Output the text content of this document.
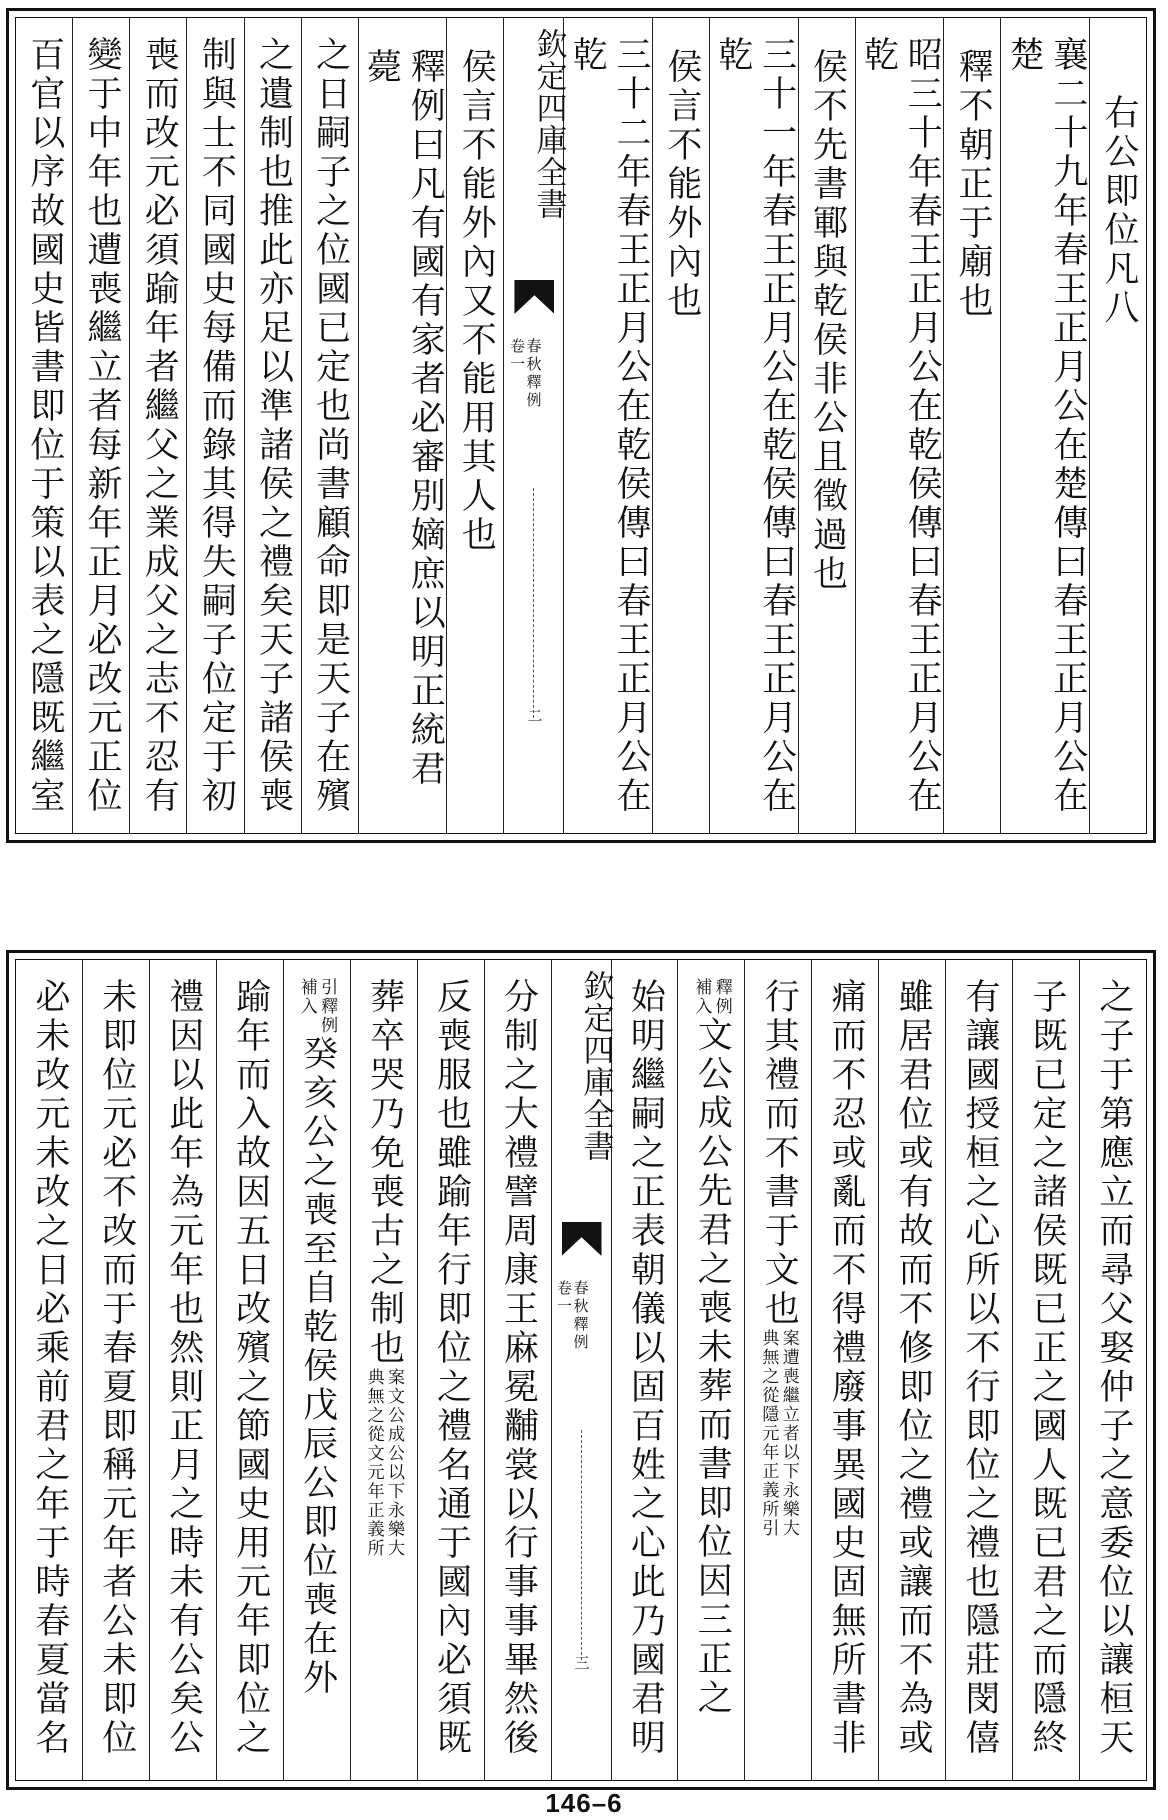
右公即位凡八
襄二十九年春王正月公在楚傳曰春王正月公在楚
釋不朝正于廟也
昭三十年春王正月公在乾侯傳曰春王正月公在乾
侯不先書鄆與乾侯非公且徵過也
三十一年春王正月公在乾侯傳曰春王正月公在乾
侯言不能外內也
三十二年春王正月公在乾侯傳曰春王正月公在乾
欽定四庫全書
春秋釋例
卷一
二
侯言不能外內又不能用其人也
釋例曰凡有國有家者必審別嫡庶以明正統君薨
之日嗣子之位國已定也尚書顧命即是天子在殯
之遺制也推此亦足以準諸侯之禮矣天子諸侯喪
制與士不同國史每備而錄其得失嗣子位定于初
喪而改元必須踰年者繼父之業成父之志不忍有
變于中年也遭喪繼立者每新年正月必改元正位
百官以序故國史皆書即位于策以表之隱既繼室
之子于第應立而尋父娶仲子之意委位以讓桓天
子既已定之諸侯既已正之國人既已君之而隱終
有讓國授桓之心所以不行即位之禮也隱莊閔僖
雖居君位或有故而不修即位之禮或讓而不為或
痛而不忍或亂而不得禮廢事異國史固無所書非
行其禮而不書于文也
案遭喪繼立者以下永樂大
典無之從隱元年正義所引
釋例
補入
文公成公先君之喪未葬而書即位因三正之
始明繼嗣之正表朝儀以固百姓之心此乃國君明
欽定四庫全書
春秋釋例
卷一
三
分制之大禮譬周康王麻冕黼裳以行事事畢然後
反喪服也雖踰年行即位之禮名通于國內必須既
葬卒哭乃免喪古之制也
案文公成公以下永樂大
典無之從文元年正義所
引釋例
補入
癸亥公之喪至自乾侯戊辰公即位喪在外
踰年而入故因五日改殯之節國史用元年即位之
禮因以此年為元年也然則正月之時未有公矣公
未即位元必不改而于春夏即稱元年者公未即位
必未改元未改之日必乘前君之年于時春夏當名
146–6
